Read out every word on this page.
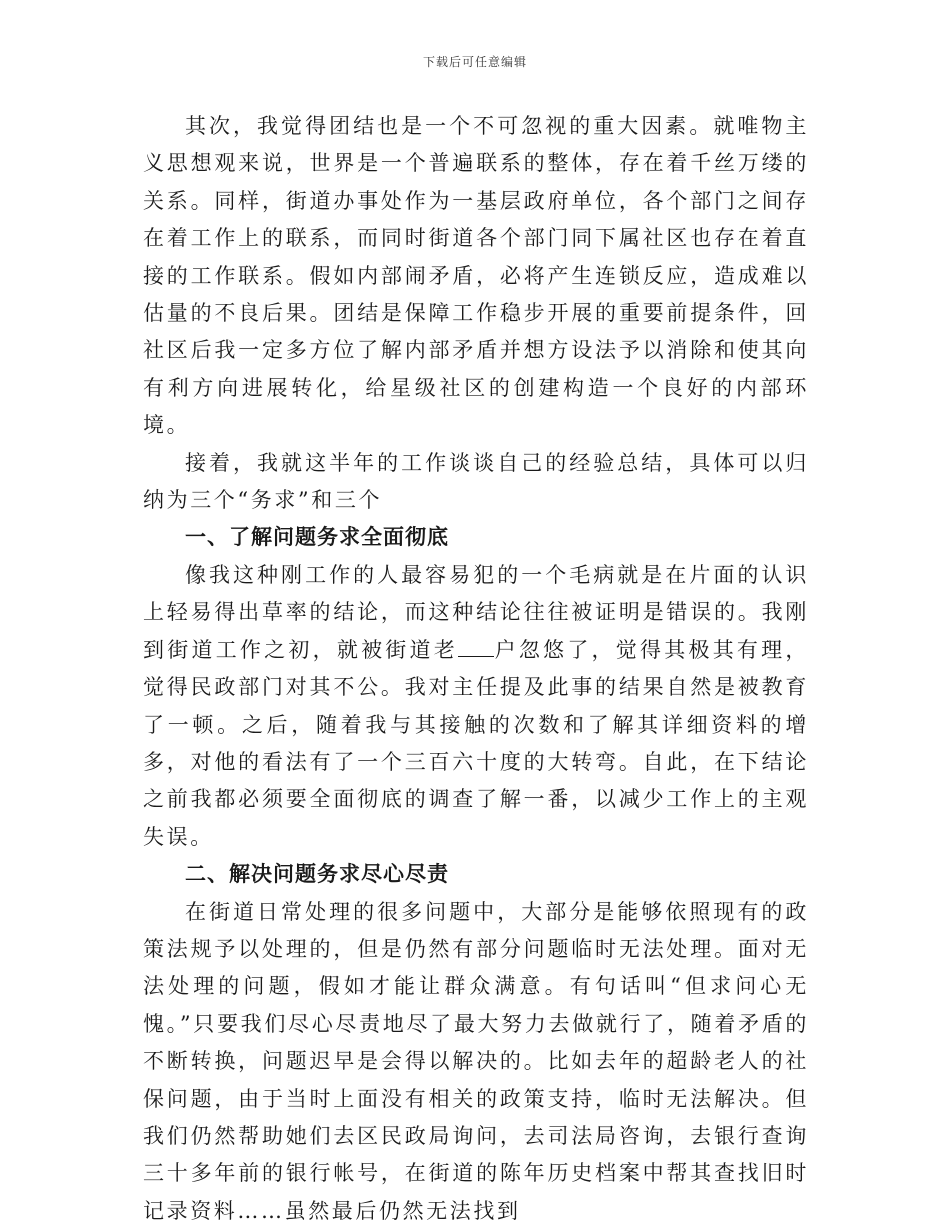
下载后可任意编辑

其次，我觉得团结也是一个不可忽视的重大因素。就唯物主义思想观来说，世界是一个普遍联系的整体，存在着千丝万缕的关系。同样，街道办事处作为一基层政府单位，各个部门之间存在着工作上的联系，而同时街道各个部门同下属社区也存在着直接的工作联系。假如内部闹矛盾，必将产生连锁反应，造成难以估量的不良后果。团结是保障工作稳步开展的重要前提条件，回社区后我一定多方位了解内部矛盾并想方设法予以消除和使其向有利方向进展转化，给星级社区的创建构造一个良好的内部环境。

接着，我就这半年的工作谈谈自己的经验总结，具体可以归纳为三个“务求”和三个

一、了解问题务求全面彻底

像我这种刚工作的人最容易犯的一个毛病就是在片面的认识上轻易得出草率的结论，而这种结论往往被证明是错误的。我刚到街道工作之初，就被街道老 户忽悠了，觉得其极其有理，觉得民政部门对其不公。我对主任提及此事的结果自然是被教育了一顿。之后，随着我与其接触的次数和了解其详细资料的增多，对他的看法有了一个三百六十度的大转弯。自此，在下结论之前我都必须要全面彻底的调查了解一番，以减少工作上的主观失误。

二、解决问题务求尽心尽责

在街道日常处理的很多问题中，大部分是能够依照现有的政策法规予以处理的，但是仍然有部分问题临时无法处理。面对无法处理的问题，假如才能让群众满意。有句话叫“但求问心无愧。”只要我们尽心尽责地尽了最大努力去做就行了，随着矛盾的不断转换，问题迟早是会得以解决的。比如去年的超龄老人的社保问题，由于当时上面没有相关的政策支持，临时无法解决。但我们仍然帮助她们去区民政局询问，去司法局咨询，去银行查询三十多年前的银行帐号，在街道的陈年历史档案中帮其查找旧时记录资料……虽然最后仍然无法找到
